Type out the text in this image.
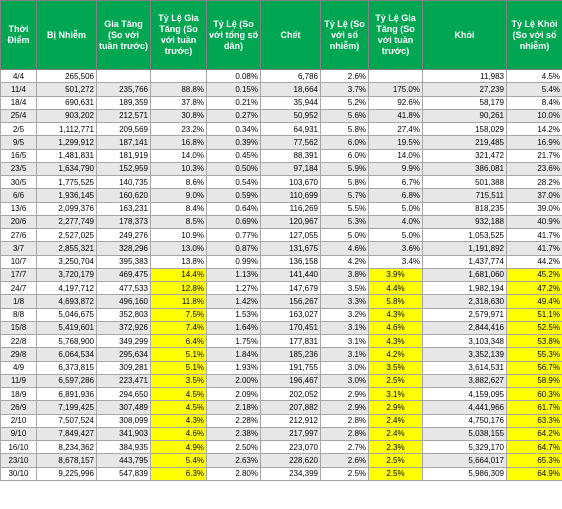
Thời Điểm	Bị Nhiễm	Gia Tăng (So với tuần trước)	Tỷ Lệ Gia Tăng (So với tuần trước)	Tỷ Lệ (So với tổng số dân)	Chết	Tỷ Lệ (So với số nhiễm)	Tỷ Lệ Gia Tăng (So với tuần trước)	Khỏi	Tỷ Lệ Khỏi (So với số nhiễm)
4/4	265,506			0.08%	6,786	2.6%		11,983	4.5%
11/4	501,272	235,766	88.8%	0.15%	18,664	3.7%	175.0%	27,239	5.4%
18/4	690,631	189,359	37.8%	0.21%	35,944	5.2%	92.6%	58,179	8.4%
25/4	903,202	212,571	30.8%	0.27%	50,952	5.6%	41.8%	90,261	10.0%
2/5	1,112,771	209,569	23.2%	0.34%	64,931	5.8%	27.4%	158,029	14.2%
9/5	1,299,912	187,141	16.8%	0.39%	77,562	6.0%	19.5%	219,485	16.9%
16/5	1,481,831	181,919	14.0%	0.45%	88,391	6.0%	14.0%	321,472	21.7%
23/5	1,634,790	152,959	10.3%	0.50%	97,184	5.9%	9.9%	386,081	23.6%
30/5	1,775,525	140,735	8.6%	0.54%	103,670	5.8%	6.7%	501,388	28.2%
6/6	1,936,145	160,620	9.0%	0.59%	110,699	5.7%	6.8%	715,511	37.0%
13/6	2,099,376	163,231	8.4%	0.64%	116,269	5.5%	5.0%	818,235	39.0%
20/6	2,277,749	178,373	8.5%	0.69%	120,967	5.3%	4.0%	932,188	40.9%
27/6	2,527,025	249,276	10.9%	0.77%	127,055	5.0%	5.0%	1,053,525	41.7%
3/7	2,855,321	328,296	13.0%	0.87%	131,675	4.6%	3.6%	1,191,892	41.7%
10/7	3,250,704	395,383	13.8%	0.99%	136,158	4.2%	3.4%	1,437,774	44.2%
17/7	3,720,179	469,475	14.4%	1.13%	141,440	3.8%	3.9%	1,681,060	45.2%
24/7	4,197,712	477,533	12.8%	1.27%	147,679	3.5%	4.4%	1,982,194	47.2%
1/8	4,693,872	496,160	11.8%	1.42%	156,267	3.3%	5.8%	2,318,630	49.4%
8/8	5,046,675	352,803	7.5%	1.53%	163,027	3.2%	4.3%	2,579,971	51.1%
15/8	5,419,601	372,926	7.4%	1.64%	170,451	3.1%	4.6%	2,844,416	52.5%
22/8	5,768,900	349,299	6.4%	1.75%	177,831	3.1%	4.3%	3,103,348	53.8%
29/8	6,064,534	295,634	5.1%	1.84%	185,236	3.1%	4.2%	3,352,139	55.3%
4/9	6,373,815	309,281	5.1%	1.93%	191,755	3.0%	3.5%	3,614,531	56.7%
11/9	6,597,286	223,471	3.5%	2.00%	196,467	3.0%	2.5%	3,882,627	58.9%
18/9	6,891,936	294,650	4.5%	2.09%	202,052	2.9%	3.1%	4,159,095	60.3%
26/9	7,199,425	307,489	4.5%	2.18%	207,882	2.9%	2.9%	4,441,966	61.7%
2/10	7,507,524	308,099	4.3%	2.28%	212,912	2.8%	2.4%	4,750,176	63.3%
9/10	7,849,427	341,903	4.6%	2.38%	217,997	2.8%	2.4%	5,038,155	64.2%
16/10	8,234,362	384,935	4.9%	2.50%	223,070	2.7%	2.3%	5,329,170	64.7%
23/10	8,678,157	443,795	5.4%	2.63%	228,620	2.6%	2.5%	5,664,017	65.3%
30/10	9,225,996	547,839	6.3%	2.80%	234,399	2.5%	2.5%	5,986,309	64.9%
